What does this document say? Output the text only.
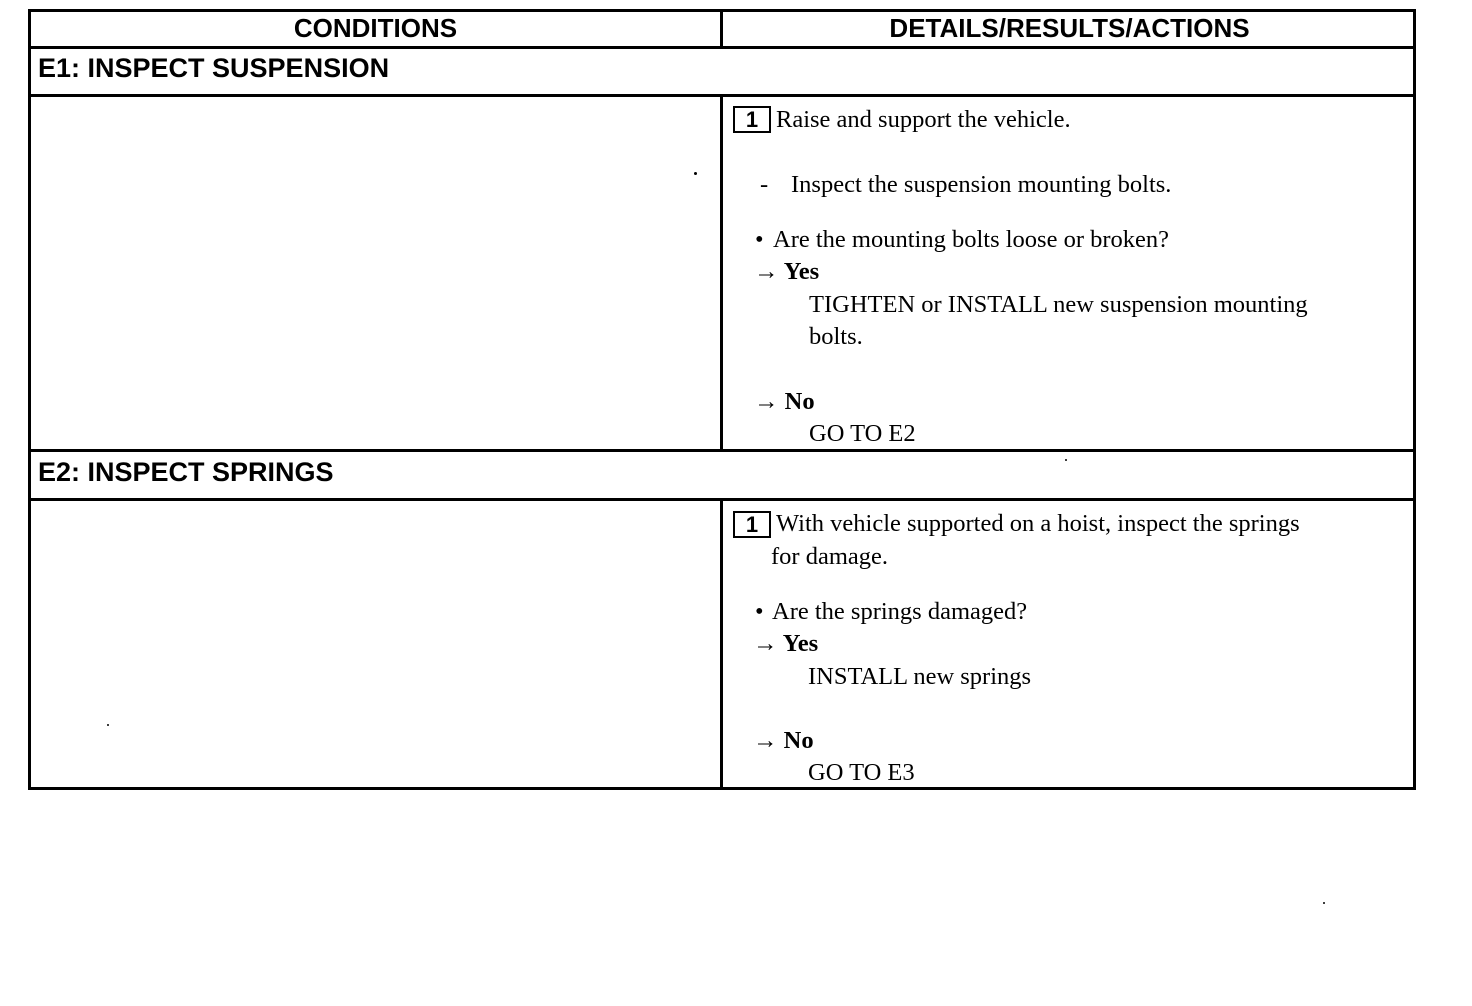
CONDITIONS	DETAILS/RESULTS/ACTIONS
E1: INSPECT SUSPENSION
1 Raise and support the vehicle.
- Inspect the suspension mounting bolts.
• Are the mounting bolts loose or broken?
→ Yes
TIGHTEN or INSTALL new suspension mounting
bolts.
→ No
GO TO E2
E2: INSPECT SPRINGS
1 With vehicle supported on a hoist, inspect the springs
for damage.
• Are the springs damaged?
→ Yes
INSTALL new springs
→ No
GO TO E3
